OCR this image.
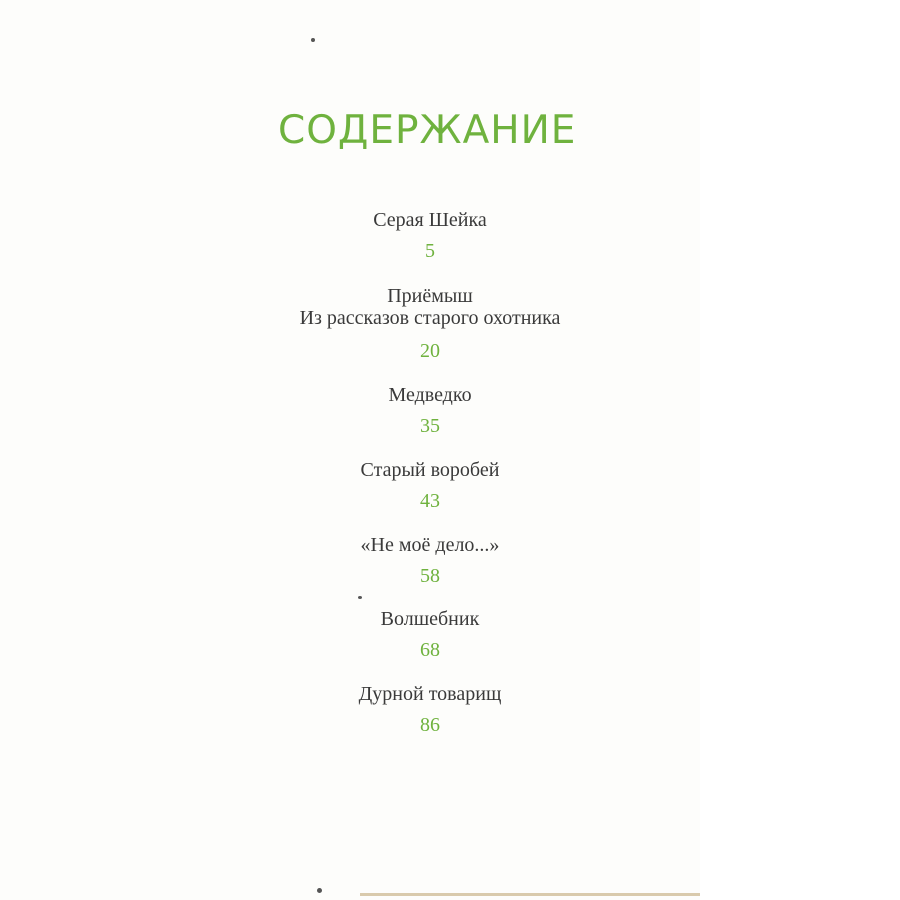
СОДЕРЖАНИЕ
Серая Шейка
5
Приёмыш
Из рассказов старого охотника
20
Медведко
35
Старый воробей
43
«Не моё дело...»
58
Волшебник
68
Дурной товарищ
86
